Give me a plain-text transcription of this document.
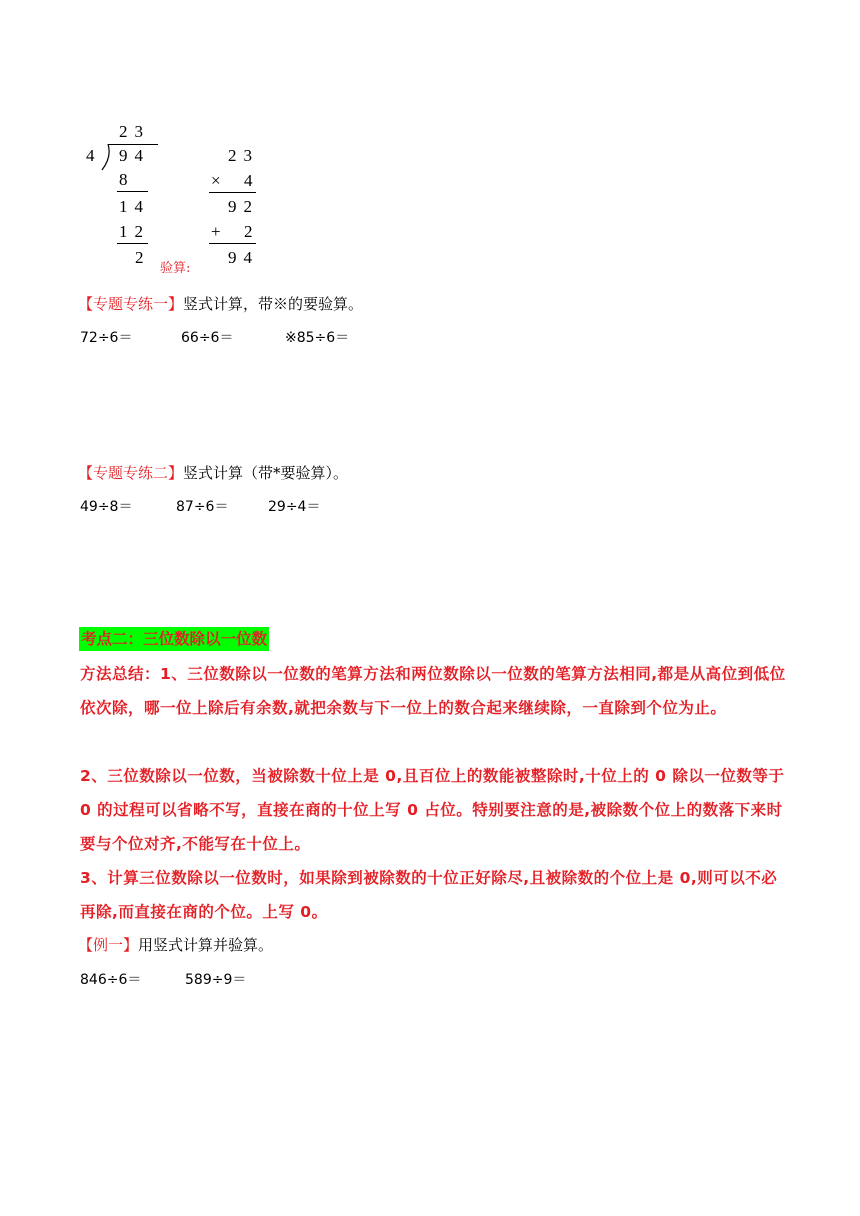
23
4 94
8
14
12
2
验算:
23
× 4
92
+ 2
94
【专题专练一】竖式计算，带※的要验算。
72÷6＝	66÷6＝	※85÷6＝
【专题专练二】竖式计算（带*要验算）。
49÷8＝	87÷6＝	29÷4＝
考点二：三位数除以一位数
方法总结：1、三位数除以一位数的笔算方法和两位数除以一位数的笔算方法相同,都是从高位到低位依次除，哪一位上除后有余数,就把余数与下一位上的数合起来继续除，一直除到个位为止。
2、三位数除以一位数，当被除数十位上是 0,且百位上的数能被整除时,十位上的 0 除以一位数等于 0 的过程可以省略不写，直接在商的十位上写 0 占位。特别要注意的是,被除数个位上的数落下来时要与个位对齐,不能写在十位上。
3、计算三位数除以一位数时，如果除到被除数的十位正好除尽,且被除数的个位上是 0,则可以不必再除,而直接在商的个位。上写 0。
【例一】用竖式计算并验算。
846÷6＝	589÷9＝
